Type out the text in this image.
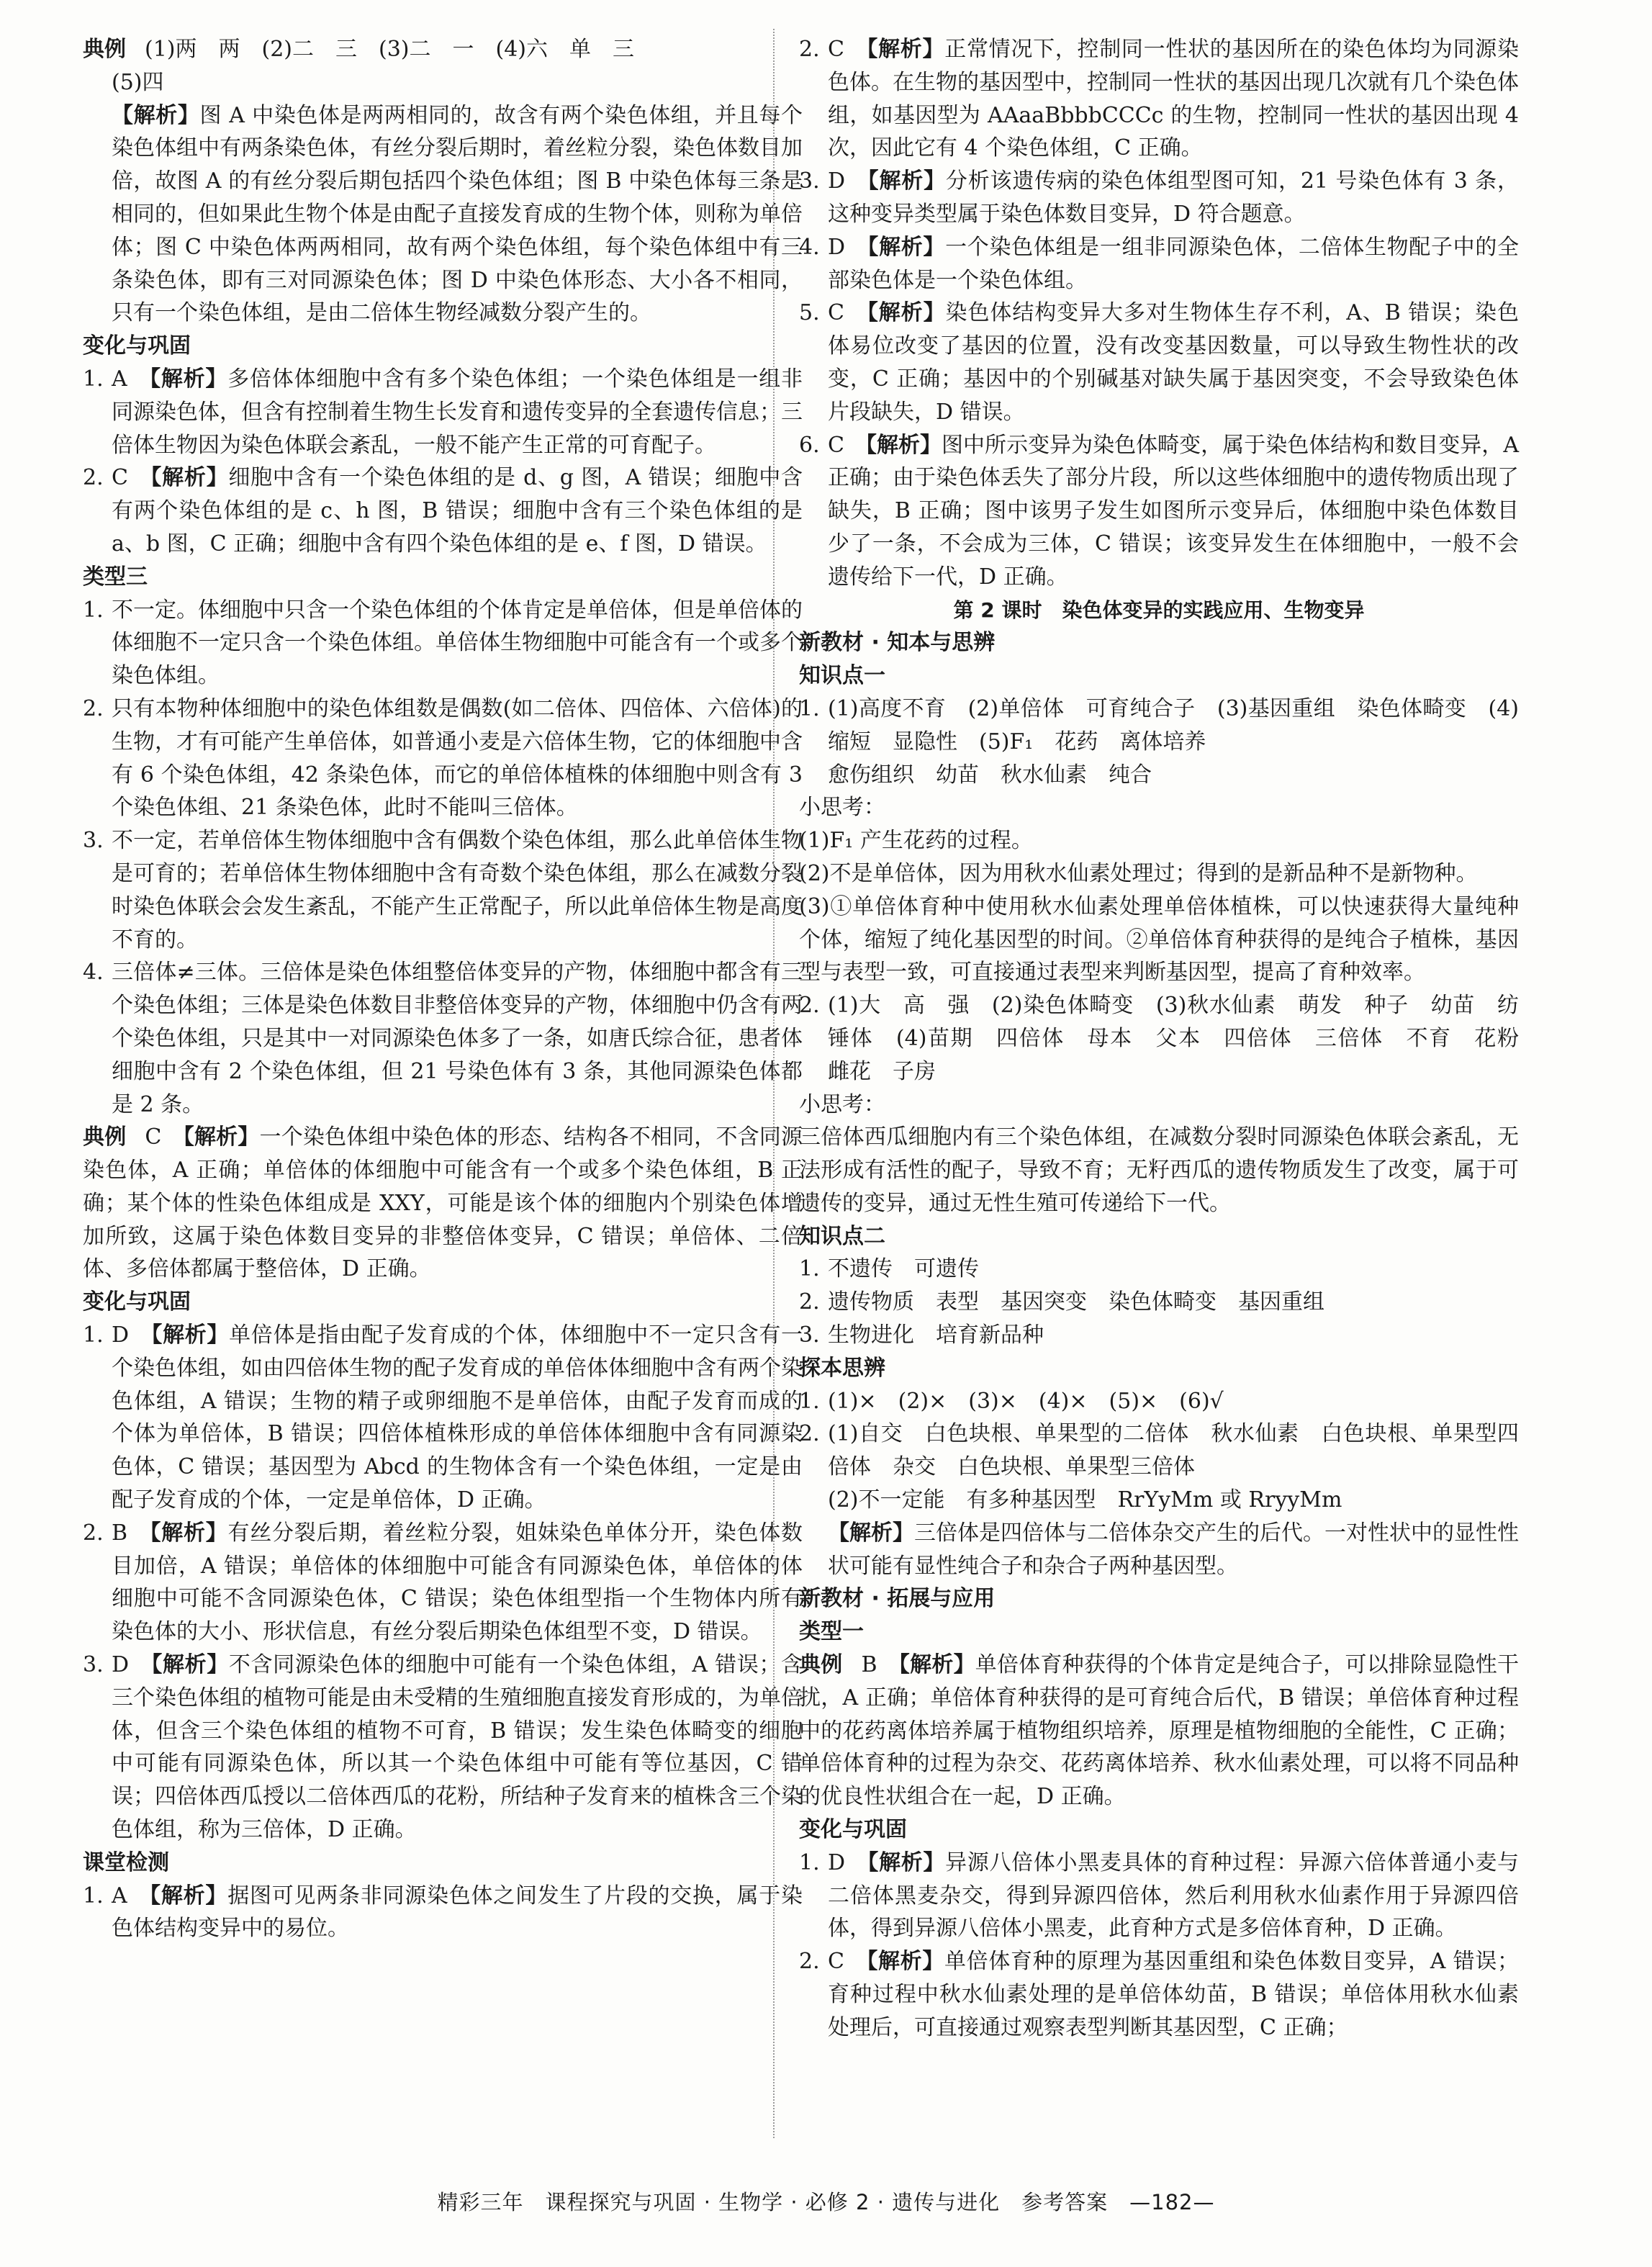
典例 (1)两　两　(2)二　三　(3)二　一　(4)六　单　三

(5)四

【解析】图 A 中染色体是两两相同的，故含有两个染色体组，并且每个染色体组中有两条染色体，有丝分裂后期时，着丝粒分裂，染色体数目加倍，故图 A 的有丝分裂后期包括四个染色体组；图 B 中染色体每三条是相同的，但如果此生物个体是由配子直接发育成的生物个体，则称为单倍体；图 C 中染色体两两相同，故有两个染色体组，每个染色体组中有三条染色体，即有三对同源染色体；图 D 中染色体形态、大小各不相同，只有一个染色体组，是由二倍体生物经减数分裂产生的。

变化与巩固

1. A　【解析】多倍体体细胞中含有多个染色体组；一个染色体组是一组非同源染色体，但含有控制着生物生长发育和遗传变异的全套遗传信息；三倍体生物因为染色体联会紊乱，一般不能产生正常的可育配子。
2. C　【解析】细胞中含有一个染色体组的是 d、g 图，A 错误；细胞中含有两个染色体组的是 c、h 图，B 错误；细胞中含有三个染色体组的是 a、b 图，C 正确；细胞中含有四个染色体组的是 e、f 图，D 错误。

类型三

1. 不一定。体细胞中只含一个染色体组的个体肯定是单倍体，但是单倍体的体细胞不一定只含一个染色体组。单倍体生物细胞中可能含有一个或多个染色体组。
2. 只有本物种体细胞中的染色体组数是偶数(如二倍体、四倍体、六倍体)的生物，才有可能产生单倍体，如普通小麦是六倍体生物，它的体细胞中含有 6 个染色体组，42 条染色体，而它的单倍体植株的体细胞中则含有 3 个染色体组、21 条染色体，此时不能叫三倍体。
3. 不一定，若单倍体生物体细胞中含有偶数个染色体组，那么此单倍体生物是可育的；若单倍体生物体细胞中含有奇数个染色体组，那么在减数分裂时染色体联会会发生紊乱，不能产生正常配子，所以此单倍体生物是高度不育的。
4. 三倍体≠三体。三倍体是染色体组整倍体变异的产物，体细胞中都含有三个染色体组；三体是染色体数目非整倍体变异的产物，体细胞中仍含有两个染色体组，只是其中一对同源染色体多了一条，如唐氏综合征，患者体细胞中含有 2 个染色体组，但 21 号染色体有 3 条，其他同源染色体都是 2 条。

典例 C　【解析】一个染色体组中染色体的形态、结构各不相同，不含同源染色体，A 正确；单倍体的体细胞中可能含有一个或多个染色体组，B 正确；某个体的性染色体组成是 XXY，可能是该个体的细胞内个别染色体增加所致，这属于染色体数目变异的非整倍体变异，C 错误；单倍体、二倍体、多倍体都属于整倍体，D 正确。

变化与巩固

1. D　【解析】单倍体是指由配子发育成的个体，体细胞中不一定只含有一个染色体组，如由四倍体生物的配子发育成的单倍体体细胞中含有两个染色体组，A 错误；生物的精子或卵细胞不是单倍体，由配子发育而成的个体为单倍体，B 错误；四倍体植株形成的单倍体体细胞中含有同源染色体，C 错误；基因型为 Abcd 的生物体含有一个染色体组，一定是由配子发育成的个体，一定是单倍体，D 正确。
2. B　【解析】有丝分裂后期，着丝粒分裂，姐妹染色单体分开，染色体数目加倍，A 错误；单倍体的体细胞中可能含有同源染色体，单倍体的体细胞中可能不含同源染色体，C 错误；染色体组型指一个生物体内所有染色体的大小、形状信息，有丝分裂后期染色体组型不变，D 错误。
3. D　【解析】不含同源染色体的细胞中可能有一个染色体组，A 错误；含三个染色体组的植物可能是由未受精的生殖细胞直接发育形成的，为单倍体，但含三个染色体组的植物不可育，B 错误；发生染色体畸变的细胞中可能有同源染色体，所以其一个染色体组中可能有等位基因，C 错误；四倍体西瓜授以二倍体西瓜的花粉，所结种子发育来的植株含三个染色体组，称为三倍体，D 正确。

课堂检测

1. A　【解析】据图可见两条非同源染色体之间发生了片段的交换，属于染色体结构变异中的易位。
2. C　【解析】正常情况下，控制同一性状的基因所在的染色体均为同源染色体。在生物的基因型中，控制同一性状的基因出现几次就有几个染色体组，如基因型为 AAaaBbbbCCCc 的生物，控制同一性状的基因出现 4 次，因此它有 4 个染色体组，C 正确。
3. D　【解析】分析该遗传病的染色体组型图可知，21 号染色体有 3 条，这种变异类型属于染色体数目变异，D 符合题意。
4. D　【解析】一个染色体组是一组非同源染色体，二倍体生物配子中的全部染色体是一个染色体组。
5. C　【解析】染色体结构变异大多对生物体生存不利，A、B 错误；染色体易位改变了基因的位置，没有改变基因数量，可以导致生物性状的改变，C 正确；基因中的个别碱基对缺失属于基因突变，不会导致染色体片段缺失，D 错误。
6. C　【解析】图中所示变异为染色体畸变，属于染色体结构和数目变异，A 正确；由于染色体丢失了部分片段，所以这些体细胞中的遗传物质出现了缺失，B 正确；图中该男子发生如图所示变异后，体细胞中染色体数目少了一条，不会成为三体，C 错误；该变异发生在体细胞中，一般不会遗传给下一代，D 正确。

第 2 课时　染色体变异的实践应用、生物变异

新教材 · 知本与思辨

知识点一

1. (1)高度不育　(2)单倍体　可育纯合子　(3)基因重组　染色体畸变　(4)缩短　显隐性　(5)F₁　花药　离体培养

愈伤组织　幼苗　秋水仙素　纯合

小思考：

(1)F₁ 产生花药的过程。

(2)不是单倍体，因为用秋水仙素处理过；得到的是新品种不是新物种。

(3)①单倍体育种中使用秋水仙素处理单倍体植株，可以快速获得大量纯种个体，缩短了纯化基因型的时间。②单倍体育种获得的是纯合子植株，基因型与表型一致，可直接通过表型来判断基因型，提高了育种效率。

2. (1)大　高　强　(2)染色体畸变　(3)秋水仙素　萌发　种子　幼苗　纺锤体　(4)苗期　四倍体　母本　父本　四倍体　三倍体　不育　花粉　雌花　子房

小思考：

三倍体西瓜细胞内有三个染色体组，在减数分裂时同源染色体联会紊乱，无法形成有活性的配子，导致不育；无籽西瓜的遗传物质发生了改变，属于可遗传的变异，通过无性生殖可传递给下一代。

知识点二

1. 不遗传　可遗传
2. 遗传物质　表型　基因突变　染色体畸变　基因重组
3. 生物进化　培育新品种

探本思辨

1. (1)×　(2)×　(3)×　(4)×　(5)×　(6)√
2. (1)自交　白色块根、单果型的二倍体　秋水仙素　白色块根、单果型四倍体　杂交　白色块根、单果型三倍体

(2)不一定能　有多种基因型　RrYyMm 或 RryyMm

【解析】三倍体是四倍体与二倍体杂交产生的后代。一对性状中的显性性状可能有显性纯合子和杂合子两种基因型。

新教材 · 拓展与应用

类型一

典例 B　【解析】单倍体育种获得的个体肯定是纯合子，可以排除显隐性干扰，A 正确；单倍体育种获得的是可育纯合后代，B 错误；单倍体育种过程中的花药离体培养属于植物组织培养，原理是植物细胞的全能性，C 正确；单倍体育种的过程为杂交、花药离体培养、秋水仙素处理，可以将不同品种的优良性状组合在一起，D 正确。

变化与巩固

1. D　【解析】异源八倍体小黑麦具体的育种过程：异源六倍体普通小麦与二倍体黑麦杂交，得到异源四倍体，然后利用秋水仙素作用于异源四倍体，得到异源八倍体小黑麦，此育种方式是多倍体育种，D 正确。
2. C　【解析】单倍体育种的原理为基因重组和染色体数目变异，A 错误；育种过程中秋水仙素处理的是单倍体幼苗，B 错误；单倍体用秋水仙素处理后，可直接通过观察表型判断其基因型，C 正确；
精彩三年　课程探究与巩固 · 生物学 · 必修 2 · 遗传与进化　参考答案　—182—
